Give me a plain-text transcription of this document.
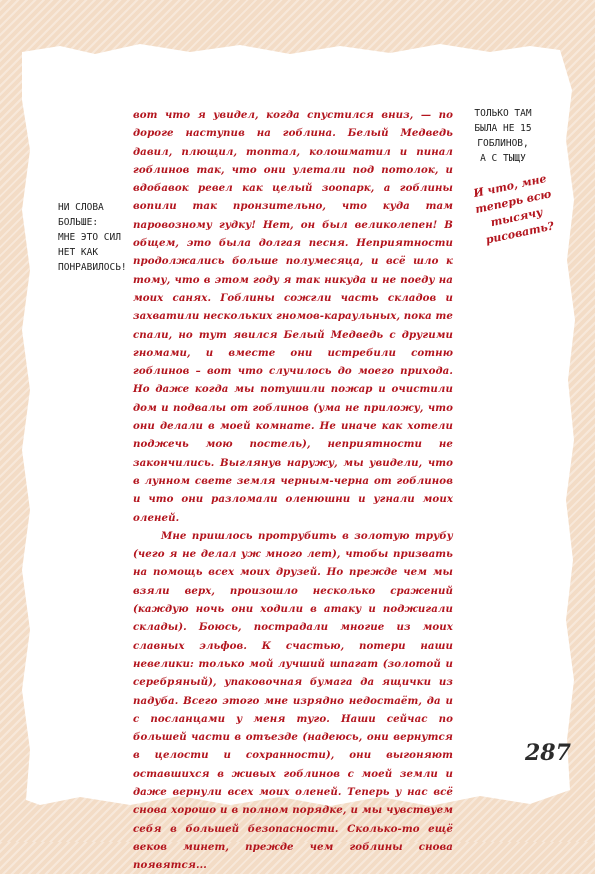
вот что я увидел, когда спустился вниз, — по дороге наступив на гоблина. Белый Медведь давил, плющил, топтал, колошматил и пинал гоблинов так, что они улетали под потолок, и вдобавок ревел как целый зоопарк, а гоблины вопили так пронзительно, что куда там паровозному гудку! Нет, он был великолепен! В общем, это была долгая песня. Неприятности продолжались больше полумесяца, и всё шло к тому, что в этом году я так никуда и не поеду на моих санях. Гоблины сожгли часть складов и захватили нескольких гномов-караульных, пока те спали, но тут явился Белый Медведь с другими гномами, и вместе они истребили сотню гоблинов – вот что случилось до моего прихода. Но даже когда мы потушили пожар и очистили дом и подвалы от гоблинов (ума не приложу, что они делали в моей комнате. Не иначе как хотели поджечь мою постель), неприятности не закончились. Выглянув наружу, мы увидели, что в лунном свете земля черным-черна от гоблинов и что они разломали оленюшни и угнали моих оленей.

Мне пришлось протрубить в золотую трубу (чего я не делал уж много лет), чтобы призвать на помощь всех моих друзей. Но прежде чем мы взяли верх, произошло несколько сражений (каждую ночь они ходили в атаку и поджигали склады). Боюсь, пострадали многие из моих славных эльфов. К счастью, потери наши невелики: только мой лучший шпагат (золотой и серебряный), упаковочная бумага да ящички из падуба. Всего этого мне изрядно недостаёт, да и с посланцами у меня туго. Наши сейчас по большей части в отъезде (надеюсь, они вернутся в целости и сохранности), они выгоняют оставшихся в живых гоблинов с моей земли и даже вернули всех моих оленей. Теперь у нас всё снова хорошо и в полном порядке, и мы чувствуем себя в большей безопасности. Сколько-то ещё веков минет, прежде чем гоблины снова появятся...

НИ СЛОВА
БОЛЬШЕ:
МНЕ ЭТО СИЛ
НЕТ КАК
ПОНРАВИЛОСЬ!
ТОЛЬКО ТАМ
БЫЛА НЕ 15
ГОБЛИНОВ,
А С ТЫЩУ
И что, мне теперь всю тысячу рисовать?
287
